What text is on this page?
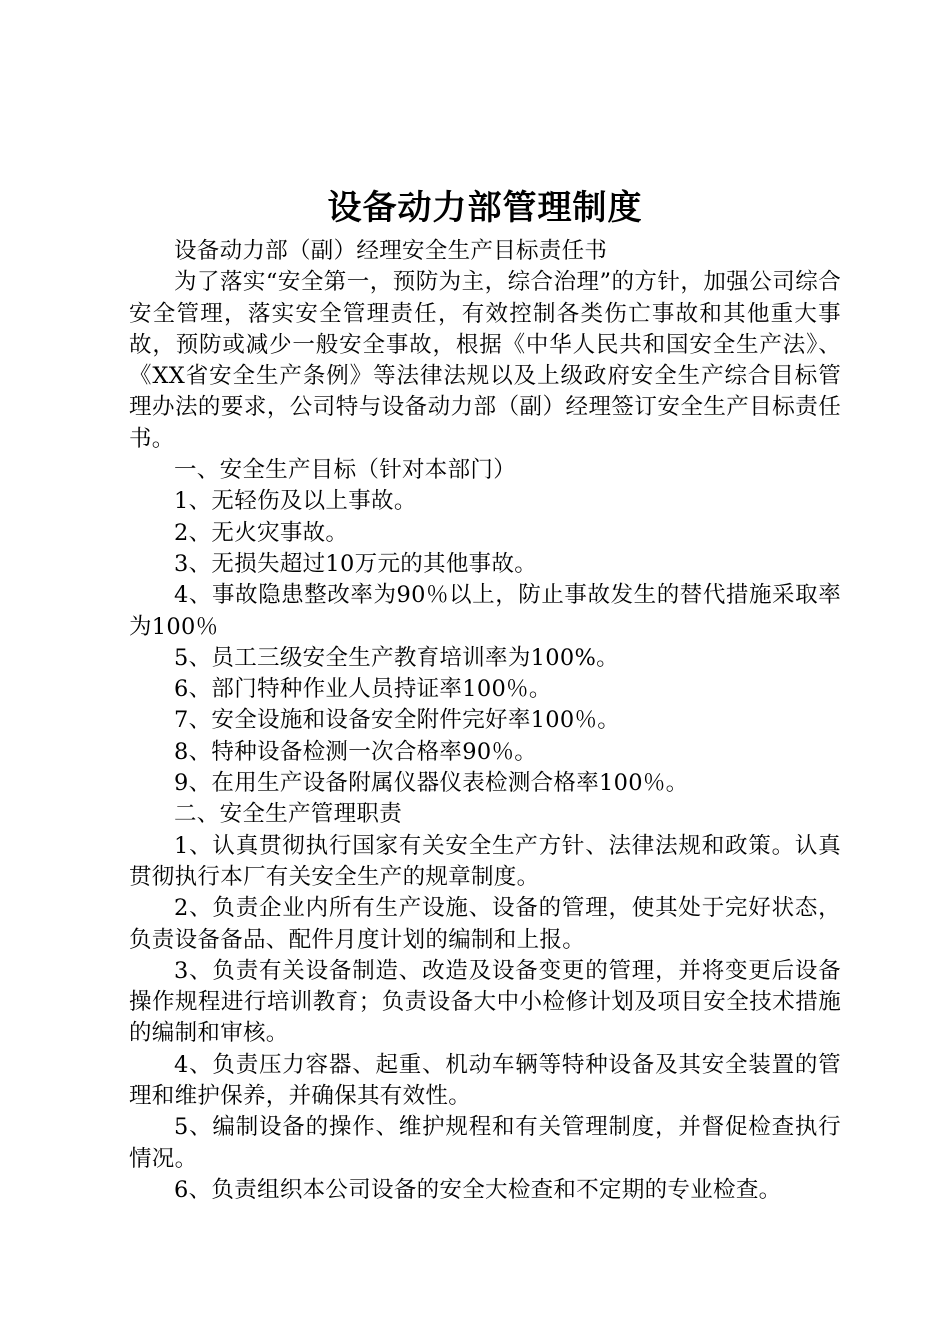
设备动力部管理制度

设备动力部（副）经理安全生产目标责任书

为了落实“安全第一，预防为主，综合治理”的方针，加强公司综合安全管理，落实安全管理责任，有效控制各类伤亡事故和其他重大事故，预防或减少一般安全事故，根据《中华人民共和国安全生产法》、《XX省安全生产条例》等法律法规以及上级政府安全生产综合目标管理办法的要求，公司特与设备动力部（副）经理签订安全生产目标责任书。

一、安全生产目标（针对本部门）

1、无轻伤及以上事故。

2、无火灾事故。

3、无损失超过10万元的其他事故。

4、事故隐患整改率为90％以上，防止事故发生的替代措施采取率为100％

5、员工三级安全生产教育培训率为100%。

6、部门特种作业人员持证率100％。

7、安全设施和设备安全附件完好率100％。

8、特种设备检测一次合格率90％。

9、在用生产设备附属仪器仪表检测合格率100％。

二、安全生产管理职责

1、认真贯彻执行国家有关安全生产方针、法律法规和政策。认真贯彻执行本厂有关安全生产的规章制度。

2、负责企业内所有生产设施、设备的管理，使其处于完好状态，负责设备备品、配件月度计划的编制和上报。

3、负责有关设备制造、改造及设备变更的管理，并将变更后设备操作规程进行培训教育；负责设备大中小检修计划及项目安全技术措施的编制和审核。

4、负责压力容器、起重、机动车辆等特种设备及其安全装置的管理和维护保养，并确保其有效性。

5、编制设备的操作、维护规程和有关管理制度，并督促检查执行情况。

6、负责组织本公司设备的安全大检查和不定期的专业检查。
